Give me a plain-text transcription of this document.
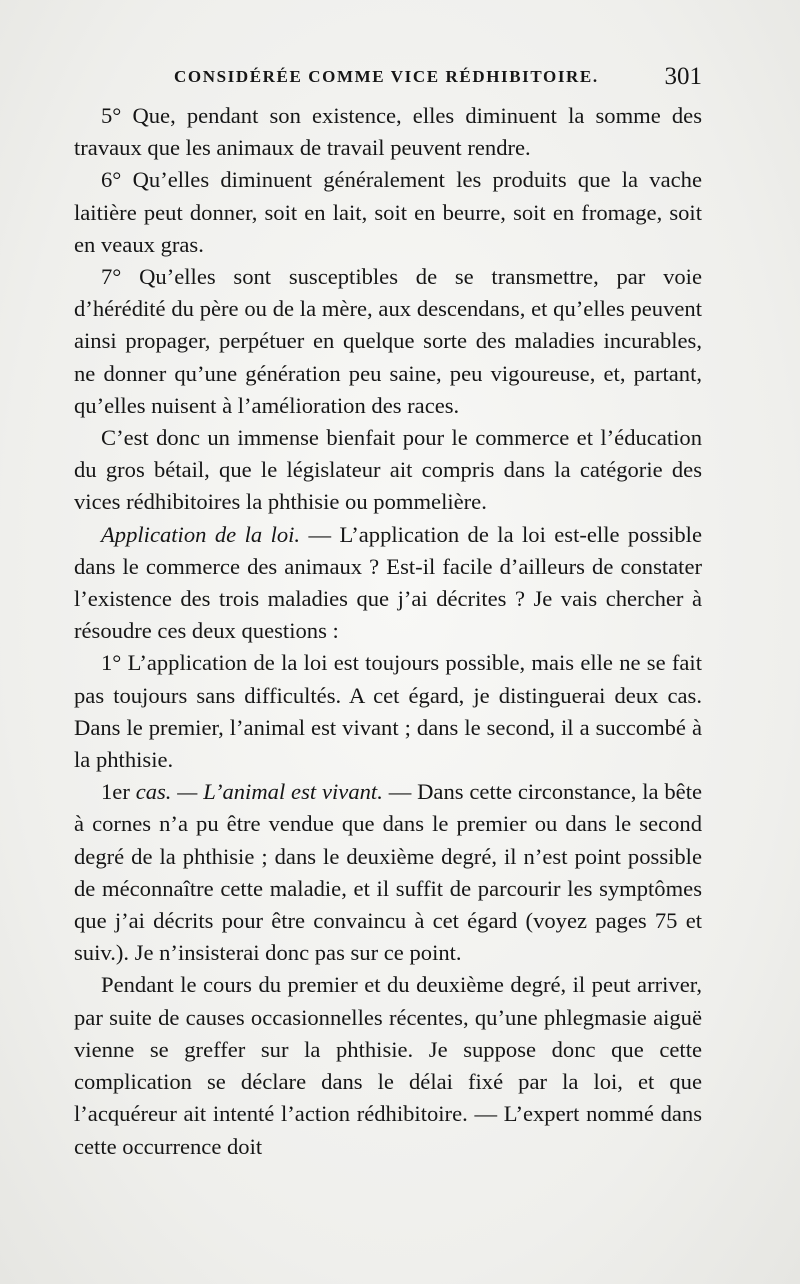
CONSIDÉRÉE COMME VICE RÉDHIBITOIRE.	301

5° Que, pendant son existence, elles diminuent la somme des travaux que les animaux de travail peuvent rendre.

6° Qu’elles diminuent généralement les produits que la vache laitière peut donner, soit en lait, soit en beurre, soit en fromage, soit en veaux gras.

7° Qu’elles sont susceptibles de se transmettre, par voie d’hérédité du père ou de la mère, aux descendans, et qu’elles peuvent ainsi propager, perpétuer en quelque sorte des maladies incurables, ne donner qu’une génération peu saine, peu vigoureuse, et, partant, qu’elles nuisent à l’amélioration des races.

C’est donc un immense bienfait pour le commerce et l’éducation du gros bétail, que le législateur ait compris dans la catégorie des vices rédhibitoires la phthisie ou pommelière.

Application de la loi. — L’application de la loi est-elle possible dans le commerce des animaux ? Est-il facile d’ailleurs de constater l’existence des trois maladies que j’ai décrites ? Je vais chercher à résoudre ces deux questions :

1° L’application de la loi est toujours possible, mais elle ne se fait pas toujours sans difficultés. A cet égard, je distinguerai deux cas. Dans le premier, l’animal est vivant ; dans le second, il a succombé à la phthisie.

1er cas. — L’animal est vivant. — Dans cette circonstance, la bête à cornes n’a pu être vendue que dans le premier ou dans le second degré de la phthisie ; dans le deuxième degré, il n’est point possible de méconnaître cette maladie, et il suffit de parcourir les symptômes que j’ai décrits pour être convaincu à cet égard (voyez pages 75 et suiv.). Je n’insisterai donc pas sur ce point.

Pendant le cours du premier et du deuxième degré, il peut arriver, par suite de causes occasionnelles récentes, qu’une phlegmasie aiguë vienne se greffer sur la phthisie. Je suppose donc que cette complication se déclare dans le délai fixé par la loi, et que l’acquéreur ait intenté l’action rédhibitoire. — L’expert nommé dans cette occurrence doit
